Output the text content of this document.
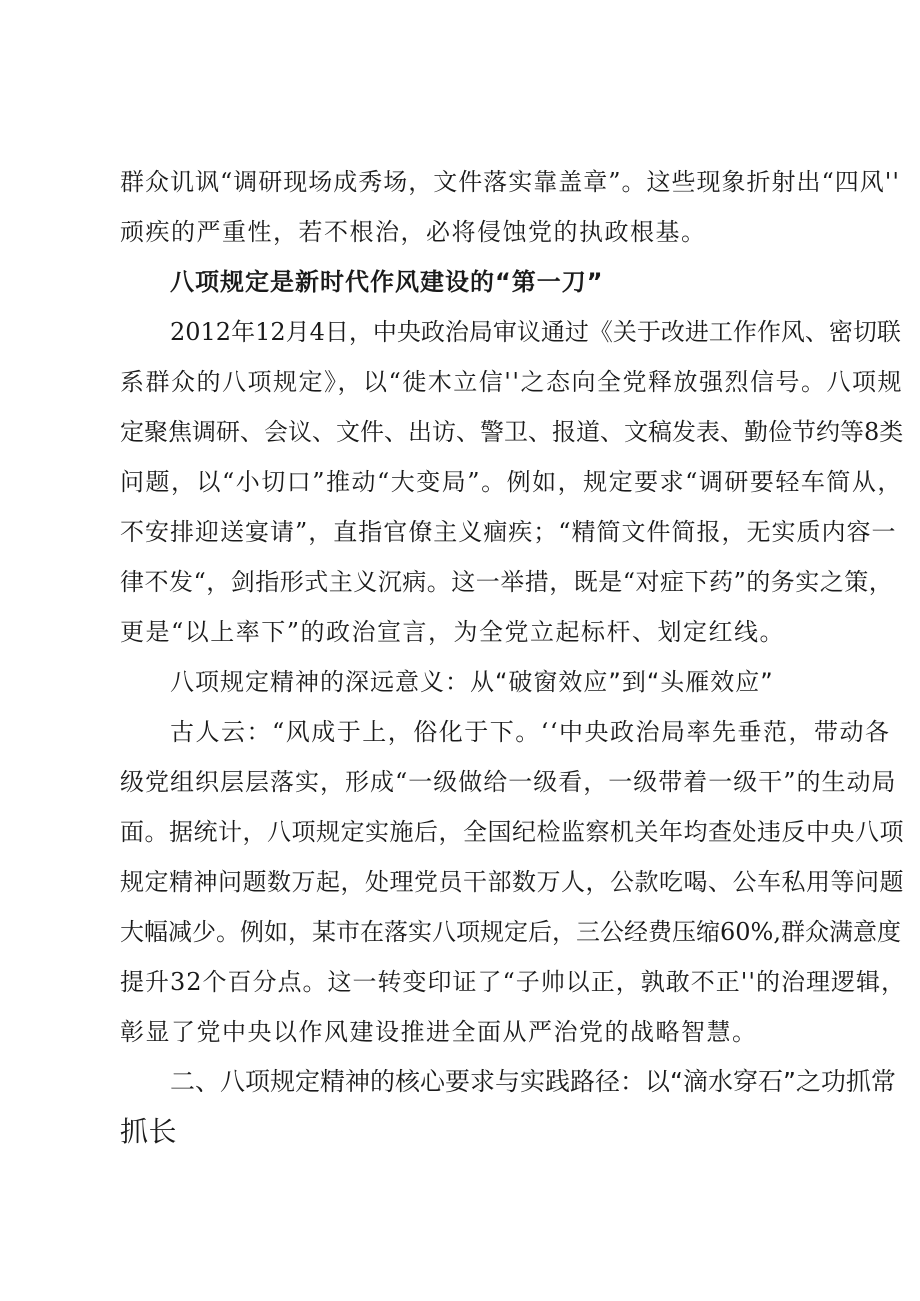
群众讥讽“调研现场成秀场，文件落实靠盖章”。这些现象折射出“四风''

顽疾的严重性，若不根治，必将侵蚀党的执政根基。

八项规定是新时代作风建设的“第一刀”

2012年12月4日，中央政治局审议通过《关于改进工作作风、密切联

系群众的八项规定》，以“徙木立信''之态向全党释放强烈信号。八项规

定聚焦调研、会议、文件、出访、警卫、报道、文稿发表、勤俭节约等8类

问题，以“小切口”推动“大变局”。例如，规定要求“调研要轻车简从，

不安排迎送宴请”，直指官僚主义痼疾；“精简文件简报，无实质内容一

律不发“，剑指形式主义沉病。这一举措，既是“对症下药”的务实之策，

更是“以上率下”的政治宣言，为全党立起标杆、划定红线。

八项规定精神的深远意义：从“破窗效应”到“头雁效应”

古人云：“风成于上，俗化于下。‘‘中央政治局率先垂范，带动各

级党组织层层落实，形成“一级做给一级看，一级带着一级干”的生动局

面。据统计，八项规定实施后，全国纪检监察机关年均查处违反中央八项

规定精神问题数万起，处理党员干部数万人，公款吃喝、公车私用等问题

大幅减少。例如，某市在落实八项规定后，三公经费压缩60%,群众满意度

提升32个百分点。这一转变印证了“子帅以正，孰敢不正''的治理逻辑，

彰显了党中央以作风建设推进全面从严治党的战略智慧。

二、八项规定精神的核心要求与实践路径：以“滴水穿石”之功抓常

抓长
